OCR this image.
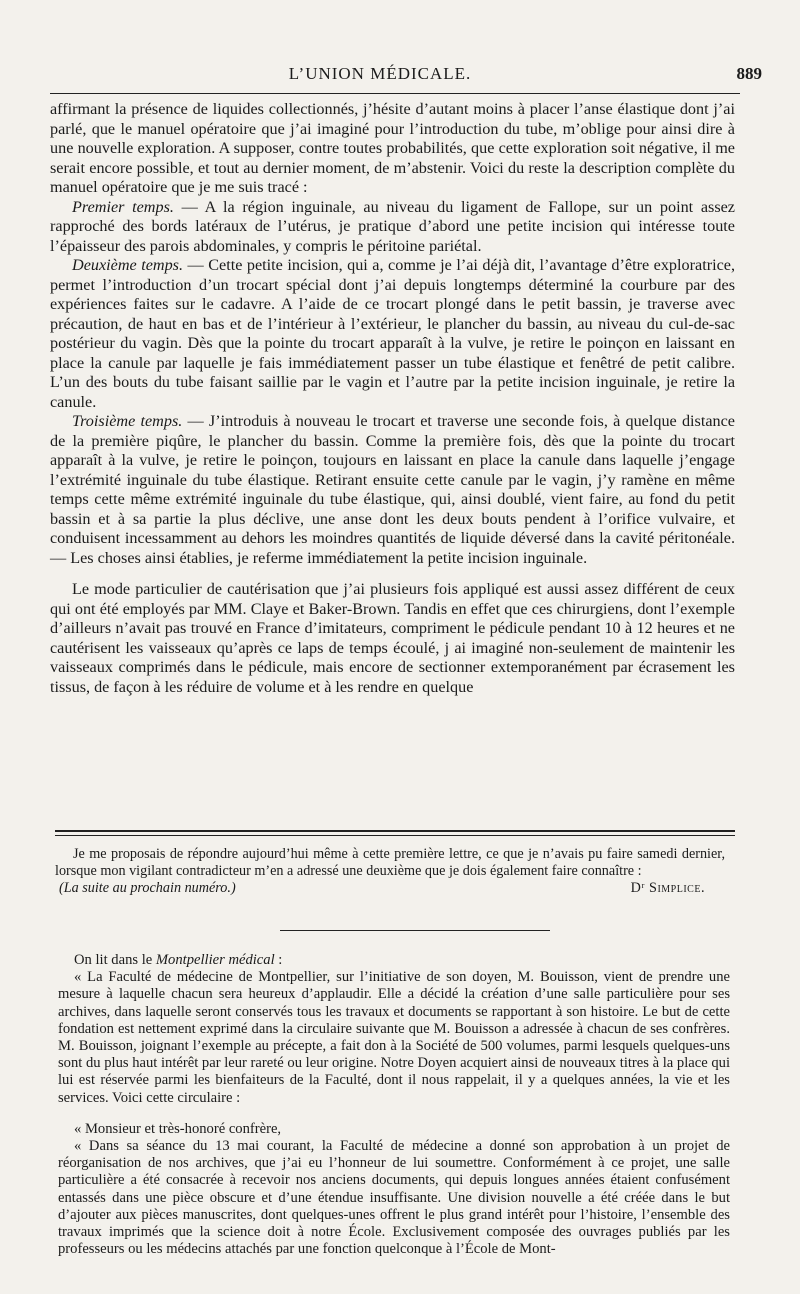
L’UNION MÉDICALE.	889

affirmant la présence de liquides collectionnés, j’hésite d’autant moins à placer l’anse élastique dont j’ai parlé, que le manuel opératoire que j’ai imaginé pour l’introduction du tube, m’oblige pour ainsi dire à une nouvelle exploration. A supposer, contre toutes probabilités, que cette exploration soit négative, il me serait encore possible, et tout au dernier moment, de m’abstenir. Voici du reste la description complète du manuel opératoire que je me suis tracé :

Premier temps. — A la région inguinale, au niveau du ligament de Fallope, sur un point assez rapproché des bords latéraux de l’utérus, je pratique d’abord une petite incision qui intéresse toute l’épaisseur des parois abdominales, y compris le péritoine pariétal.

Deuxième temps. — Cette petite incision, qui a, comme je l’ai déjà dit, l’avantage d’être exploratrice, permet l’introduction d’un trocart spécial dont j’ai depuis longtemps déterminé la courbure par des expériences faites sur le cadavre. A l’aide de ce trocart plongé dans le petit bassin, je traverse avec précaution, de haut en bas et de l’intérieur à l’extérieur, le plancher du bassin, au niveau du cul-de-sac postérieur du vagin. Dès que la pointe du trocart apparaît à la vulve, je retire le poinçon en laissant en place la canule par laquelle je fais immédiatement passer un tube élastique et fenêtré de petit calibre. L’un des bouts du tube faisant saillie par le vagin et l’autre par la petite incision inguinale, je retire la canule.

Troisième temps. — J’introduis à nouveau le trocart et traverse une seconde fois, à quelque distance de la première piqûre, le plancher du bassin. Comme la première fois, dès que la pointe du trocart apparaît à la vulve, je retire le poinçon, toujours en laissant en place la canule dans laquelle j’engage l’extrémité inguinale du tube élastique. Retirant ensuite cette canule par le vagin, j’y ramène en même temps cette même extrémité inguinale du tube élastique, qui, ainsi doublé, vient faire, au fond du petit bassin et à sa partie la plus déclive, une anse dont les deux bouts pendent à l’orifice vulvaire, et conduisent incessamment au dehors les moindres quantités de liquide déversé dans la cavité péritonéale. — Les choses ainsi établies, je referme immédiatement la petite incision inguinale.

Le mode particulier de cautérisation que j’ai plusieurs fois appliqué est aussi assez différent de ceux qui ont été employés par MM. Claye et Baker-Brown. Tandis en effet que ces chirurgiens, dont l’exemple d’ailleurs n’avait pas trouvé en France d’imitateurs, compriment le pédicule pendant 10 à 12 heures et ne cautérisent les vaisseaux qu’après ce laps de temps écoulé, j ai imaginé non-seulement de maintenir les vaisseaux comprimés dans le pédicule, mais encore de sectionner extemporanément par écrasement les tissus, de façon à les réduire de volume et à les rendre en quelque

Je me proposais de répondre aujourd’hui même à cette première lettre, ce que je n’avais pu faire samedi dernier, lorsque mon vigilant contradicteur m’en a adressé une deuxième que je dois également faire connaître :

(La suite au prochain numéro.)	Dʳ Simplice.

On lit dans le Montpellier médical :

« La Faculté de médecine de Montpellier, sur l’initiative de son doyen, M. Bouisson, vient de prendre une mesure à laquelle chacun sera heureux d’applaudir. Elle a décidé la création d’une salle particulière pour ses archives, dans laquelle seront conservés tous les travaux et documents se rapportant à son histoire. Le but de cette fondation est nettement exprimé dans la circulaire suivante que M. Bouisson a adressée à chacun de ses confrères. M. Bouisson, joignant l’exemple au précepte, a fait don à la Société de 500 volumes, parmi lesquels quelques-uns sont du plus haut intérêt par leur rareté ou leur origine. Notre Doyen acquiert ainsi de nouveaux titres à la place qui lui est réservée parmi les bienfaiteurs de la Faculté, dont il nous rappelait, il y a quelques années, la vie et les services. Voici cette circulaire :

« Monsieur et très-honoré confrère,

« Dans sa séance du 13 mai courant, la Faculté de médecine a donné son approbation à un projet de réorganisation de nos archives, que j’ai eu l’honneur de lui soumettre. Conformément à ce projet, une salle particulière a été consacrée à recevoir nos anciens documents, qui depuis longues années étaient confusément entassés dans une pièce obscure et d’une étendue insuffisante. Une division nouvelle a été créée dans le but d’ajouter aux pièces manuscrites, dont quelques-unes offrent le plus grand intérêt pour l’histoire, l’ensemble des travaux imprimés que la science doit à notre École. Exclusivement composée des ouvrages publiés par les professeurs ou les médecins attachés par une fonction quelconque à l’École de Mont-
